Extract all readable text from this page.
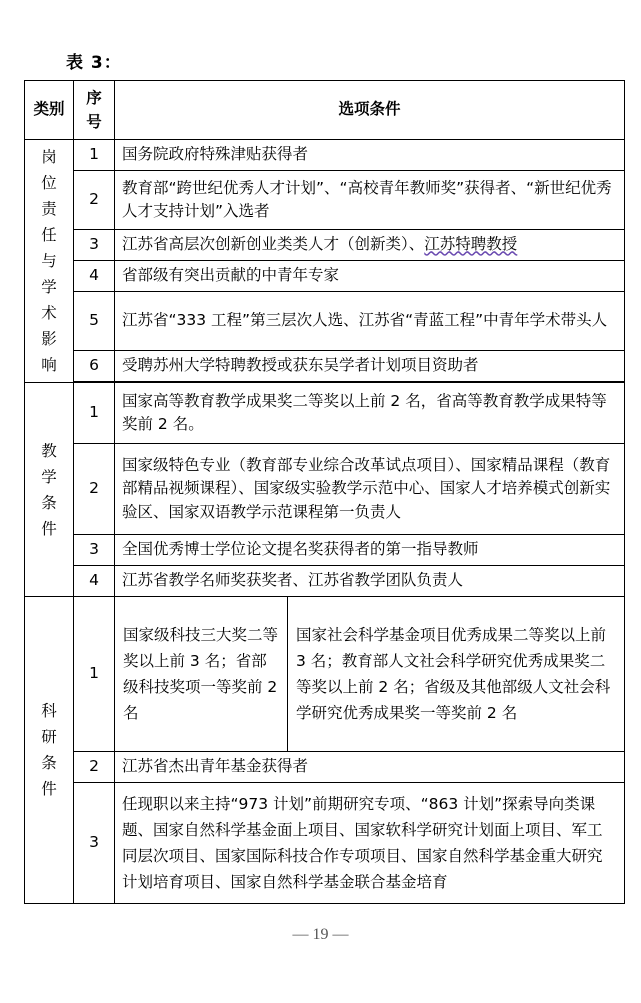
表 3：
类别	序号	选项条件	
岗位责任与学术影响	1	国务院政府特殊津贴获得者	
	2	教育部“跨世纪优秀人才计划”、“高校青年教师奖”获得者、“新世纪优秀人才支持计划”入选者	
	3	江苏省高层次创新创业类类人才（创新类）、江苏特聘教授	
	4	省部级有突出贡献的中青年专家	
	5	江苏省“333 工程”第三层次人选、江苏省“青蓝工程”中青年学术带头人	
	6	受聘苏州大学特聘教授或获东吴学者计划项目资助者	

教学条件	1	国家高等教育教学成果奖二等奖以上前 2 名，省高等教育教学成果特等奖前 2 名。	
	2	国家级特色专业（教育部专业综合改革试点项目）、国家精品课程（教育部精品视频课程）、国家级实验教学示范中心、国家人才培养模式创新实验区、国家双语教学示范课程第一负责人	
	3	全国优秀博士学位论文提名奖获得者的第一指导教师	
	4	江苏省教学名师奖获奖者、江苏省教学团队负责人	
科研条件	1	国家级科技三大奖二等奖以上前 3 名；省部级科技奖项一等奖前 2 名	国家社会科学基金项目优秀成果二等奖以上前 3 名；教育部人文社会科学研究优秀成果奖二等奖以上前 2 名；省级及其他部级人文社会科学研究优秀成果奖一等奖前 2 名
	2	江苏省杰出青年基金获得者	
	3	任现职以来主持“973 计划”前期研究专项、“863 计划”探索导向类课题、国家自然科学基金面上项目、国家软科学研究计划面上项目、军工同层次项目、国家国际科技合作专项项目、国家自然科学基金重大研究计划培育项目、国家自然科学基金联合基金培育	
— 19 —
